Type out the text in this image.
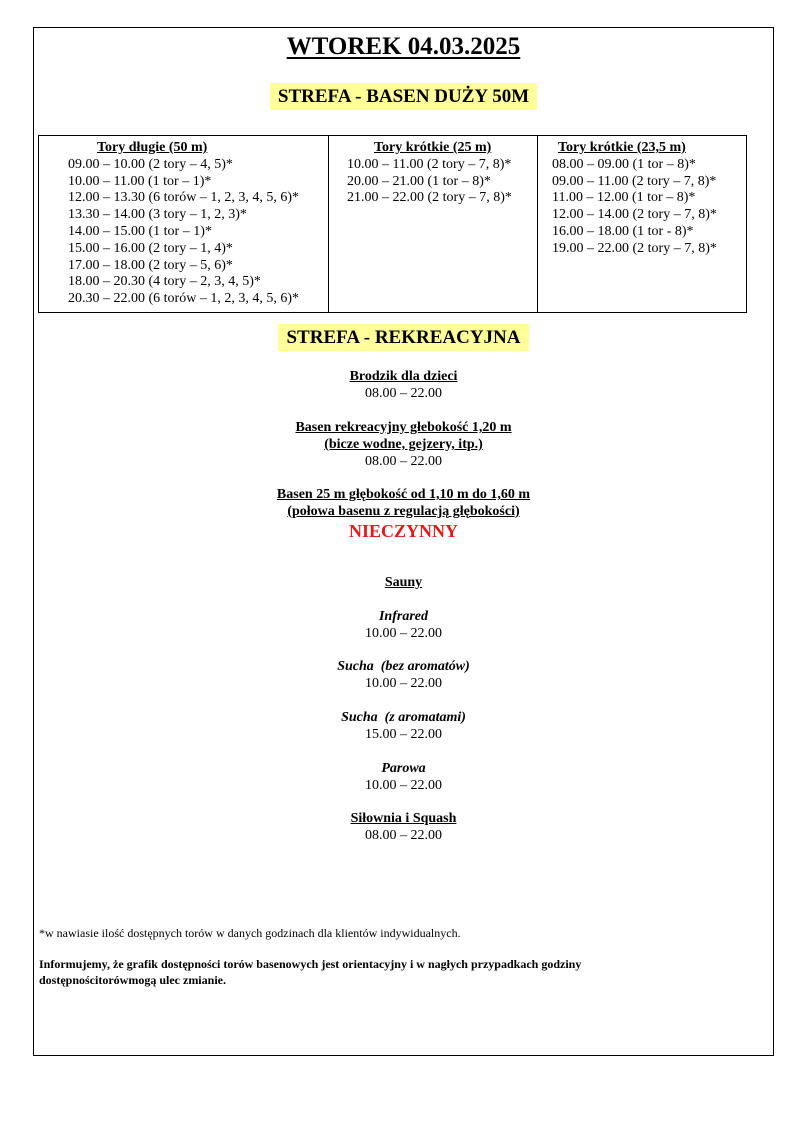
WTOREK 04.03.2025
STREFA - BASEN DUŻY 50M
Tory długie (50 m)
09.00 – 10.00 (2 tory – 4, 5)*
10.00 – 11.00 (1 tor – 1)*
12.00 – 13.30 (6 torów – 1, 2, 3, 4, 5, 6)*
13.30 – 14.00 (3 tory – 1, 2, 3)*
14.00 – 15.00 (1 tor – 1)*
15.00 – 16.00 (2 tory – 1, 4)*
17.00 – 18.00 (2 tory – 5, 6)*
18.00 – 20.30 (4 tory – 2, 3, 4, 5)*
20.30 – 22.00 (6 torów – 1, 2, 3, 4, 5, 6)*
Tory krótkie (25 m)
10.00 – 11.00 (2 tory – 7, 8)*
20.00 – 21.00 (1 tor – 8)*
21.00 – 22.00 (2 tory – 7, 8)*
Tory krótkie (23,5 m)
08.00 – 09.00 (1 tor – 8)*
09.00 – 11.00 (2 tory – 7, 8)*
11.00 – 12.00 (1 tor – 8)*
12.00 – 14.00 (2 tory – 7, 8)*
16.00 – 18.00 (1 tor - 8)*
19.00 – 22.00 (2 tory – 7, 8)*
STREFA - REKREACYJNA
Brodzik dla dzieci
08.00 – 22.00
Basen rekreacyjny głebokość 1,20 m
(bicze wodne, gejzery, itp.)
08.00 – 22.00
Basen 25 m głębokość od 1,10 m do 1,60 m
(połowa basenu z regulacją głębokości)
NIECZYNNY
Sauny
Infrared
10.00 – 22.00
Sucha  (bez aromatów)
10.00 – 22.00
Sucha  (z aromatami)
15.00 – 22.00
Parowa
10.00 – 22.00
Siłownia i Squash
08.00 – 22.00
*w nawiasie ilość dostępnych torów w danych godzinach dla klientów indywidualnych.
Informujemy, że grafik dostępności torów basenowych jest orientacyjny i w nagłych przypadkach godziny dostępnościtorówmogą ulec zmianie.
